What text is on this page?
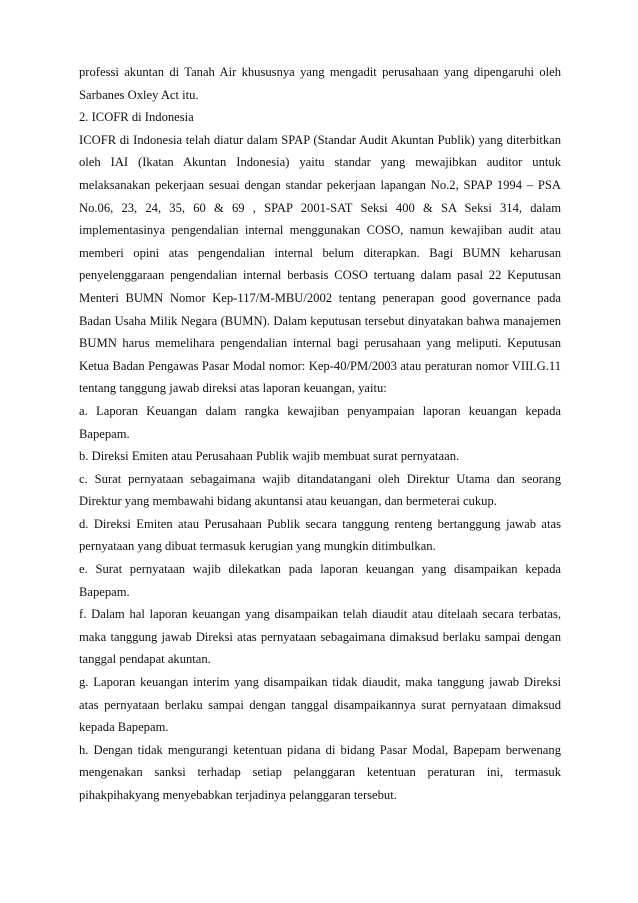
professi akuntan di Tanah Air khususnya yang mengadit perusahaan yang dipengaruhi oleh Sarbanes Oxley Act itu.

2. ICOFR di Indonesia

ICOFR di Indonesia telah diatur dalam SPAP (Standar Audit Akuntan Publik) yang diterbitkan oleh IAI (Ikatan Akuntan Indonesia) yaitu standar yang mewajibkan auditor untuk melaksanakan pekerjaan sesuai dengan standar pekerjaan lapangan No.2, SPAP 1994 – PSA No.06, 23, 24, 35, 60 & 69 , SPAP 2001-SAT Seksi 400 & SA Seksi 314, dalam implementasinya pengendalian internal menggunakan COSO, namun kewajiban audit atau memberi opini atas pengendalian internal belum diterapkan. Bagi BUMN keharusan penyelenggaraan pengendalian internal berbasis COSO tertuang dalam pasal 22 Keputusan Menteri BUMN Nomor Kep-117/M-MBU/2002 tentang penerapan good governance pada Badan Usaha Milik Negara (BUMN). Dalam keputusan tersebut dinyatakan bahwa manajemen BUMN harus memelihara pengendalian internal bagi perusahaan yang meliputi. Keputusan Ketua Badan Pengawas Pasar Modal nomor: Kep-40/PM/2003 atau peraturan nomor VIII.G.11 tentang tanggung jawab direksi atas laporan keuangan, yaitu:

a. Laporan Keuangan dalam rangka kewajiban penyampaian laporan keuangan kepada Bapepam.

b. Direksi Emiten atau Perusahaan Publik wajib membuat surat pernyataan.

c. Surat pernyataan sebagaimana wajib ditandatangani oleh Direktur Utama dan seorang Direktur yang membawahi bidang akuntansi atau keuangan, dan bermeterai cukup.

d. Direksi Emiten atau Perusahaan Publik secara tanggung renteng bertanggung jawab atas pernyataan yang dibuat termasuk kerugian yang mungkin ditimbulkan.

e. Surat pernyataan wajib dilekatkan pada laporan keuangan yang disampaikan kepada Bapepam.

f. Dalam hal laporan keuangan yang disampaikan telah diaudit atau ditelaah secara terbatas, maka tanggung jawab Direksi atas pernyataan sebagaimana dimaksud berlaku sampai dengan tanggal pendapat akuntan.

g. Laporan keuangan interim yang disampaikan tidak diaudit, maka tanggung jawab Direksi atas pernyataan berlaku sampai dengan tanggal disampaikannya surat pernyataan dimaksud kepada Bapepam.

h. Dengan tidak mengurangi ketentuan pidana di bidang Pasar Modal, Bapepam berwenang mengenakan sanksi terhadap setiap pelanggaran ketentuan peraturan ini, termasuk pihakpihakyang menyebabkan terjadinya pelanggaran tersebut.
